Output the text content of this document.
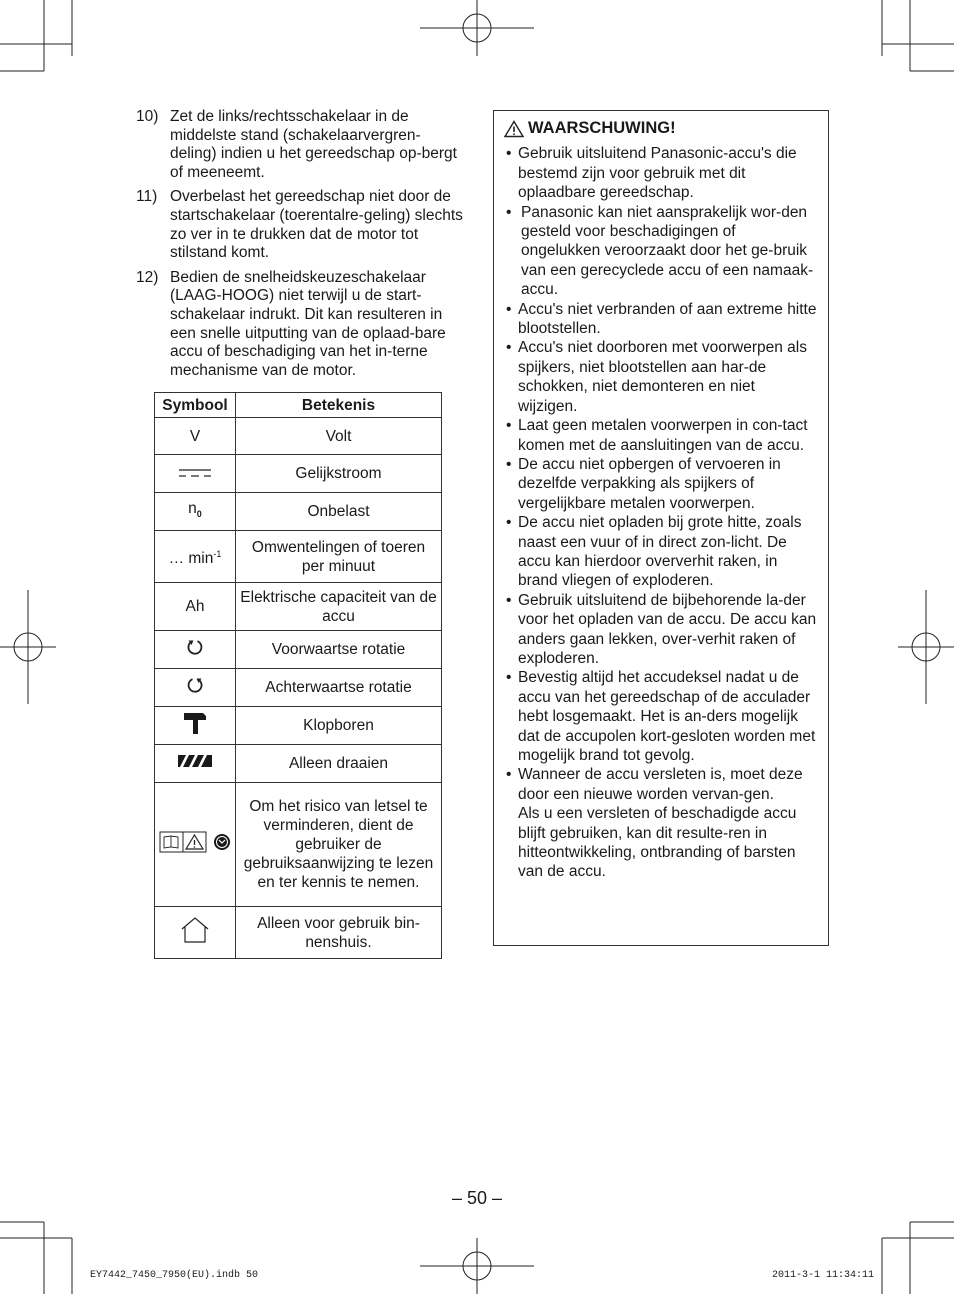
10) Zet de links/rechtsschakelaar in de middelste stand (schakelaarvergren-deling) indien u het gereedschap op-bergt of meeneemt.
11) Overbelast het gereedschap niet door de startschakelaar (toerentalre-geling) slechts zo ver in te drukken dat de motor tot stilstand komt.
12) Bedien de snelheidskeuzeschakelaar (LAAG-HOOG) niet terwijl u de start-schakelaar indrukt. Dit kan resulteren in een snelle uitputting van de oplaad-bare accu of beschadiging van het in-terne mechanisme van de motor.
Symbool	Betekenis
V	Volt
	Gelijkstroom
$n_0$	Onbelast
… $\min^{-1}$	Omwentelingen of toeren per minuut
Ah	Elektrische capaciteit van de accu
	Voorwaartse rotatie
	Achterwaartse rotatie
	Klopboren
	Alleen draaien
	Om het risico van letsel te verminderen, dient de gebruiker de gebruiksaanwijzing te lezen en ter kennis te nemen.
	Alleen voor gebruik bin-nenshuis.
WAARSCHUWING!
• Gebruik uitsluitend Panasonic-accu's die bestemd zijn voor gebruik met dit oplaadbare gereedschap.
• Panasonic kan niet aansprakelijk wor-den gesteld voor beschadigingen of ongelukken veroorzaakt door het ge-bruik van een gerecyclede accu of een namaak-accu.
• Accu's niet verbranden of aan extreme hitte blootstellen.
• Accu's niet doorboren met voorwerpen als spijkers, niet blootstellen aan har-de schokken, niet demonteren en niet wijzigen.
• Laat geen metalen voorwerpen in con-tact komen met de aansluitingen van de accu.
• De accu niet opbergen of vervoeren in dezelfde verpakking als spijkers of vergelijkbare metalen voorwerpen.
• De accu niet opladen bij grote hitte, zoals naast een vuur of in direct zon-licht. De accu kan hierdoor oververhit raken, in brand vliegen of exploderen.
• Gebruik uitsluitend de bijbehorende la-der voor het opladen van de accu. De accu kan anders gaan lekken, over-verhit raken of exploderen.
• Bevestig altijd het accudeksel nadat u de accu van het gereedschap of de acculader hebt losgemaakt. Het is an-ders mogelijk dat de accupolen kort-gesloten worden met mogelijk brand tot gevolg.
• Wanneer de accu versleten is, moet deze door een nieuwe worden vervan-gen.
Als u een versleten of beschadigde accu blijft gebruiken, kan dit resulte-ren in hitteontwikkeling, ontbranding of barsten van de accu.
– 50 –
EY7442_7450_7950(EU).indb 50	2011-3-1 11:34:11
